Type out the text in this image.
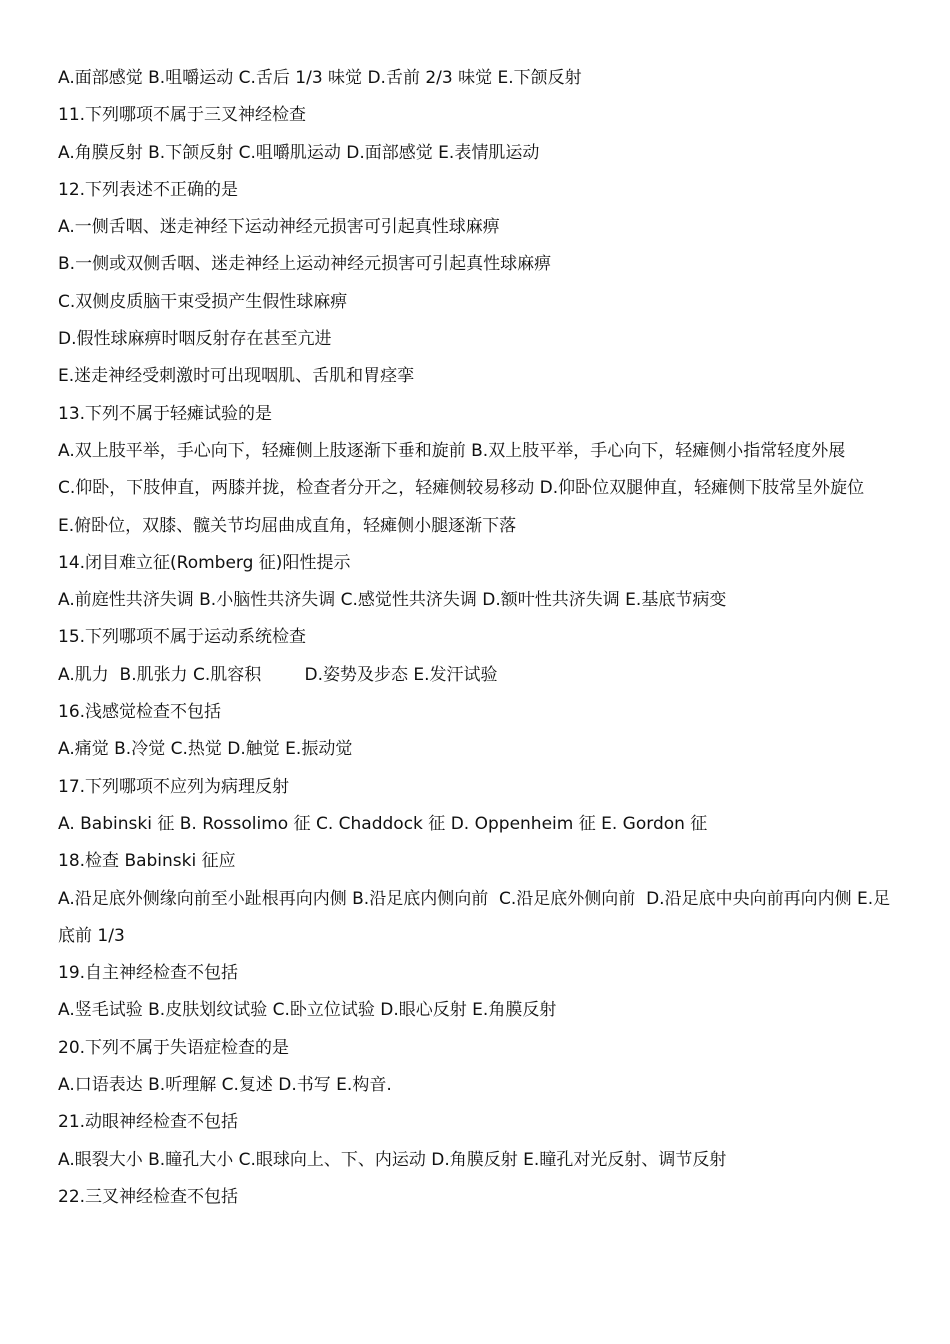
A.面部感觉 B.咀嚼运动 C.舌后 1/3 味觉 D.舌前 2/3 味觉 E.下颌反射

11.下列哪项不属于三叉神经检查

A.角膜反射 B.下颌反射 C.咀嚼肌运动 D.面部感觉 E.表情肌运动

12.下列表述不正确的是

A.一侧舌咽、迷走神经下运动神经元损害可引起真性球麻痹

B.一侧或双侧舌咽、迷走神经上运动神经元损害可引起真性球麻痹

C.双侧皮质脑干束受损产生假性球麻痹

D.假性球麻痹时咽反射存在甚至亢进

E.迷走神经受刺激时可出现咽肌、舌肌和胃痉挛

13.下列不属于轻瘫试验的是

A.双上肢平举，手心向下，轻瘫侧上肢逐渐下垂和旋前 B.双上肢平举，手心向下，轻瘫侧小指常轻度外展

C.仰卧，下肢伸直，两膝并拢，检查者分开之，轻瘫侧较易移动 D.仰卧位双腿伸直，轻瘫侧下肢常呈外旋位

E.俯卧位，双膝、髋关节均屈曲成直角，轻瘫侧小腿逐渐下落

14.闭目难立征(Romberg 征)阳性提示

A.前庭性共济失调 B.小脑性共济失调 C.感觉性共济失调 D.额叶性共济失调 E.基底节病变

15.下列哪项不属于运动系统检查

A.肌力  B.肌张力 C.肌容积        D.姿势及步态 E.发汗试验

16.浅感觉检查不包括

A.痛觉 B.冷觉 C.热觉 D.触觉 E.振动觉

17.下列哪项不应列为病理反射

A. Babinski 征 B. Rossolimo 征 C. Chaddock 征 D. Oppenheim 征 E. Gordon 征

18.检查 Babinski 征应

A.沿足底外侧缘向前至小趾根再向内侧 B.沿足底内侧向前  C.沿足底外侧向前  D.沿足底中央向前再向内侧 E.足底前 1/3

19.自主神经检查不包括

A.竖毛试验 B.皮肤划纹试验 C.卧立位试验 D.眼心反射 E.角膜反射

20.下列不属于失语症检查的是

A.口语表达 B.听理解 C.复述 D.书写 E.构音.

21.动眼神经检查不包括

A.眼裂大小 B.瞳孔大小 C.眼球向上、下、内运动 D.角膜反射 E.瞳孔对光反射、调节反射

22.三叉神经检查不包括
